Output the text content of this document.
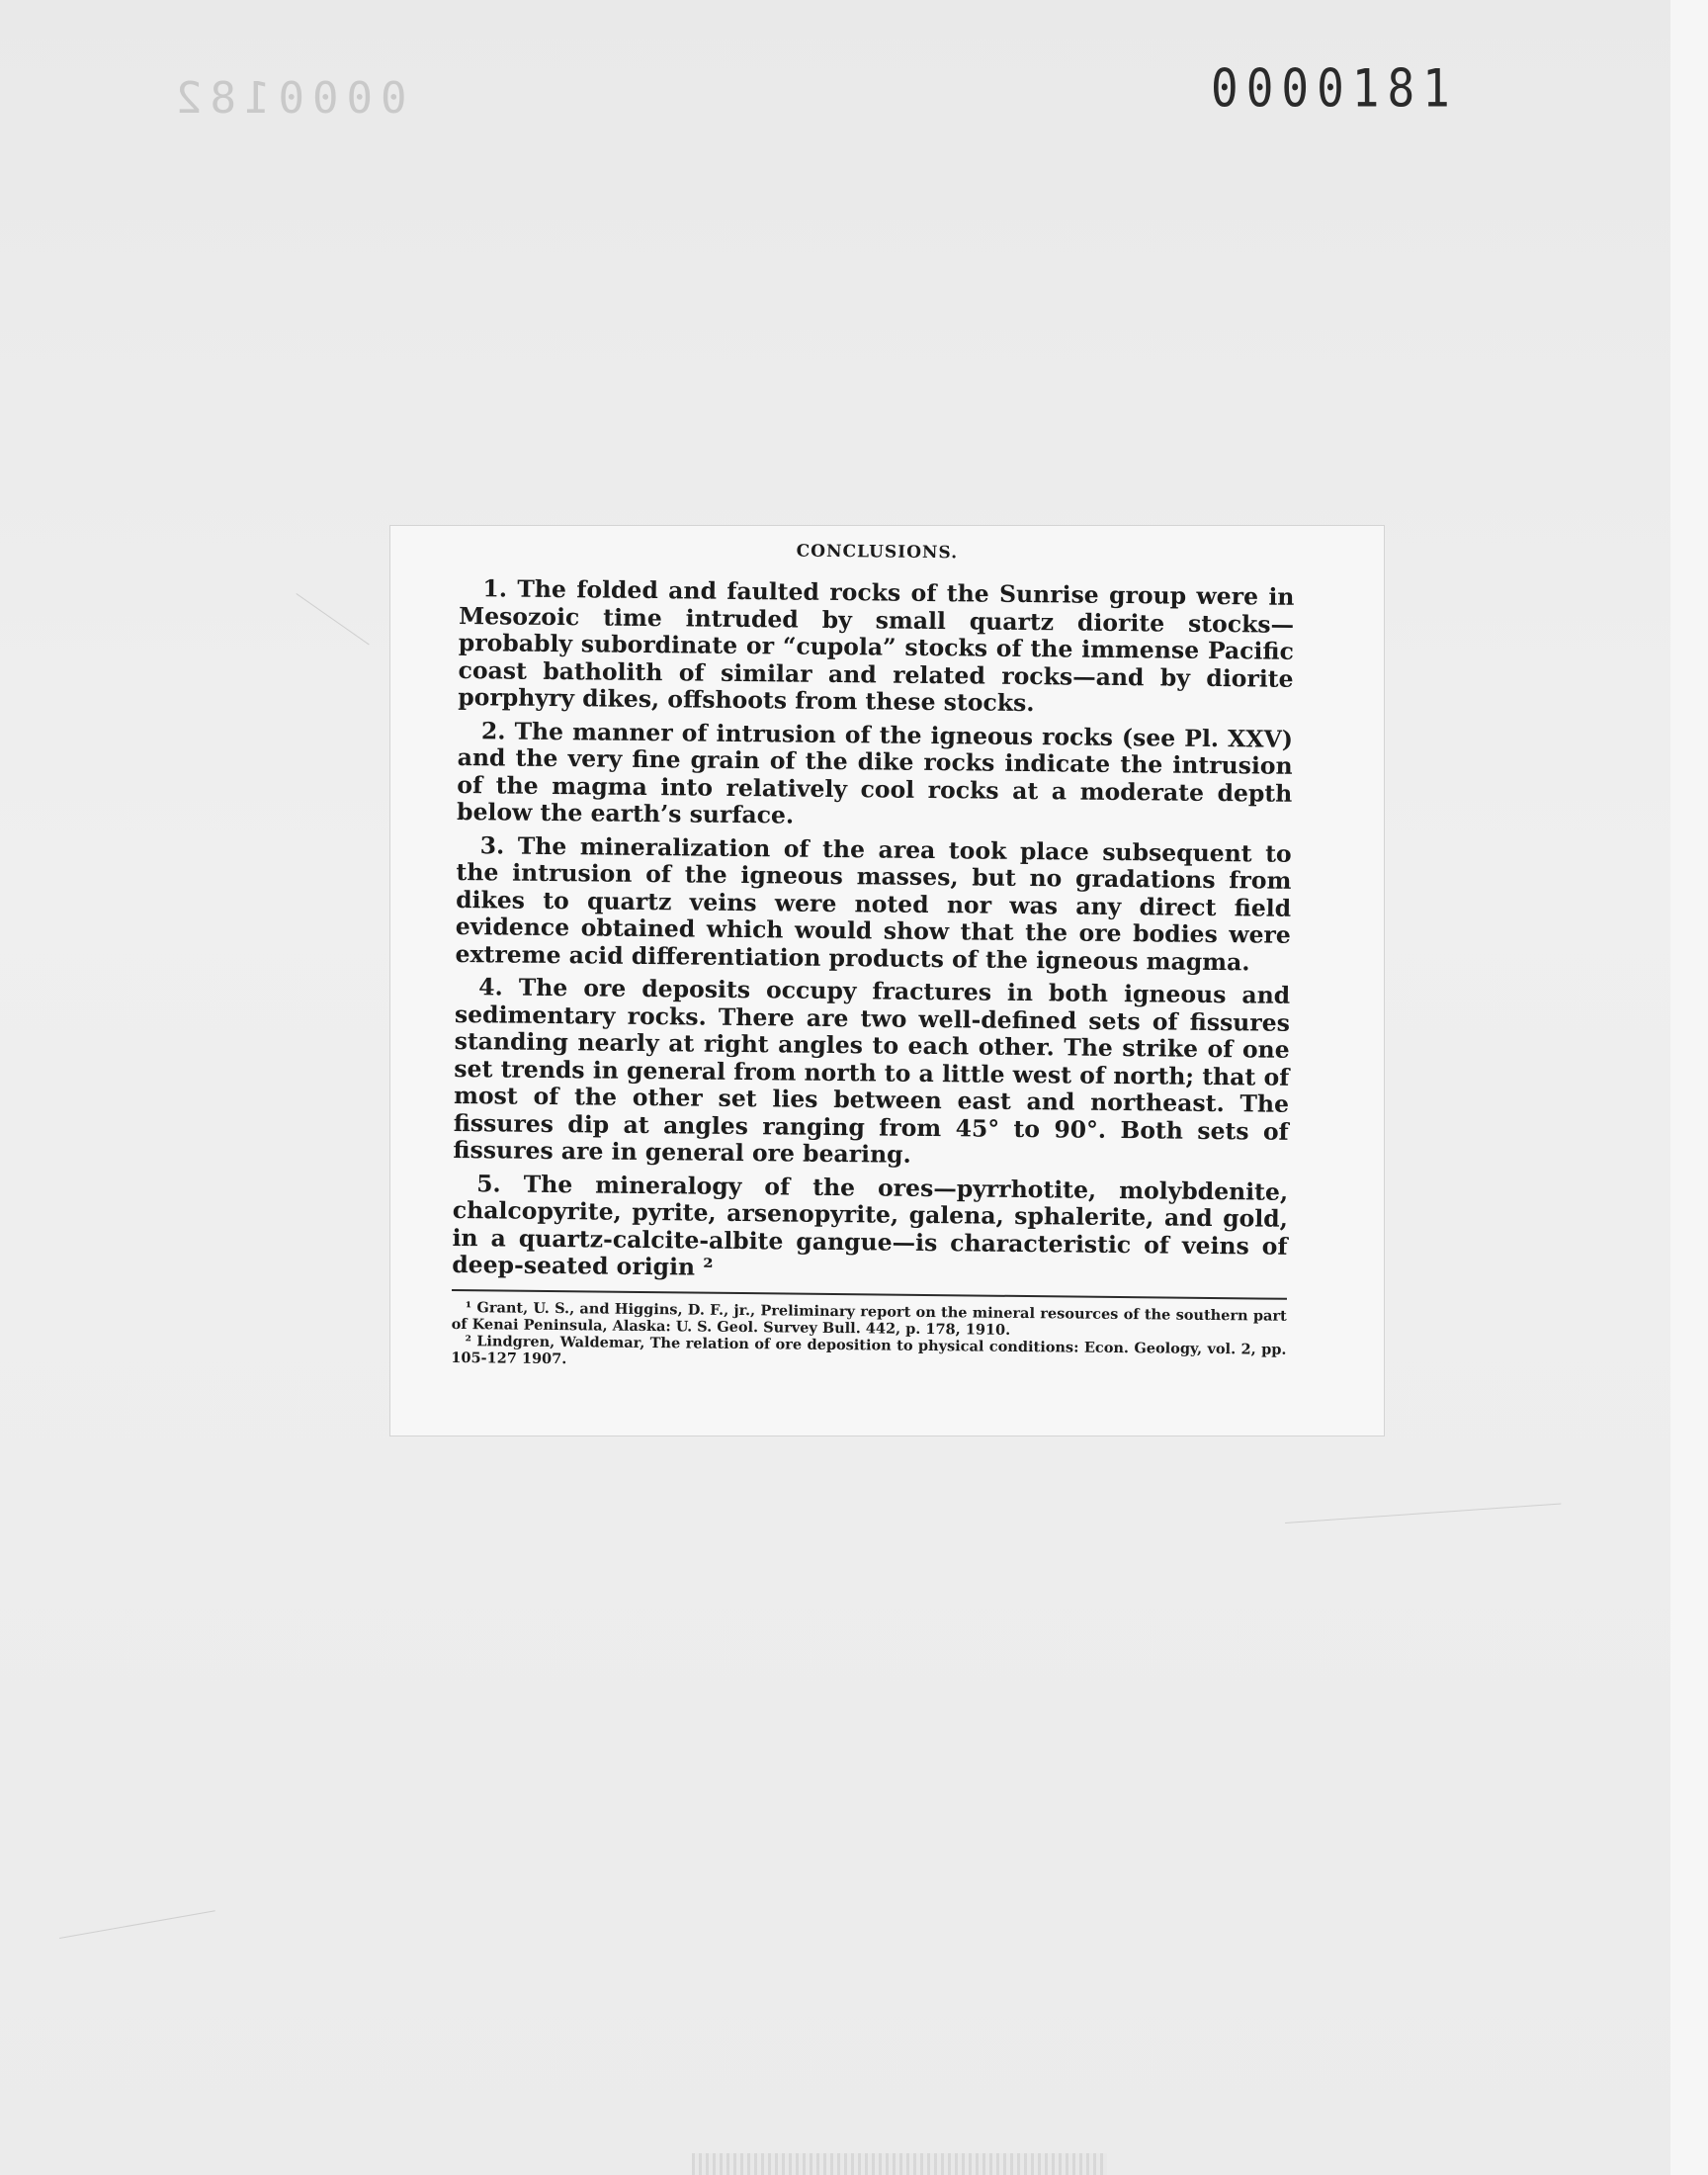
0000182	0000181
CONCLUSIONS.

1. The folded and faulted rocks of the Sunrise group were in Mesozoic time intruded by small quartz diorite stocks—probably subordinate or “cupola” stocks of the immense Pacific coast batholith of similar and related rocks—and by diorite porphyry dikes, offshoots from these stocks.

2. The manner of intrusion of the igneous rocks (see Pl. XXV) and the very fine grain of the dike rocks indicate the intrusion of the magma into relatively cool rocks at a moderate depth below the earth’s surface.

3. The mineralization of the area took place subsequent to the intrusion of the igneous masses, but no gradations from dikes to quartz veins were noted nor was any direct field evidence obtained which would show that the ore bodies were extreme acid differentiation products of the igneous magma.

4. The ore deposits occupy fractures in both igneous and sedimentary rocks. There are two well-defined sets of fissures standing nearly at right angles to each other. The strike of one set trends in general from north to a little west of north; that of most of the other set lies between east and northeast. The fissures dip at angles ranging from 45° to 90°. Both sets of fissures are in general ore bearing.

5. The mineralogy of the ores—pyrrhotite, molybdenite, chalcopyrite, pyrite, arsenopyrite, galena, sphalerite, and gold, in a quartz-calcite-albite gangue—is characteristic of veins of deep-seated origin ²

¹ Grant, U. S., and Higgins, D. F., jr., Preliminary report on the mineral resources of the southern part of Kenai Peninsula, Alaska: U. S. Geol. Survey Bull. 442, p. 178, 1910.

² Lindgren, Waldemar, The relation of ore deposition to physical conditions: Econ. Geology, vol. 2, pp. 105-127 1907.
